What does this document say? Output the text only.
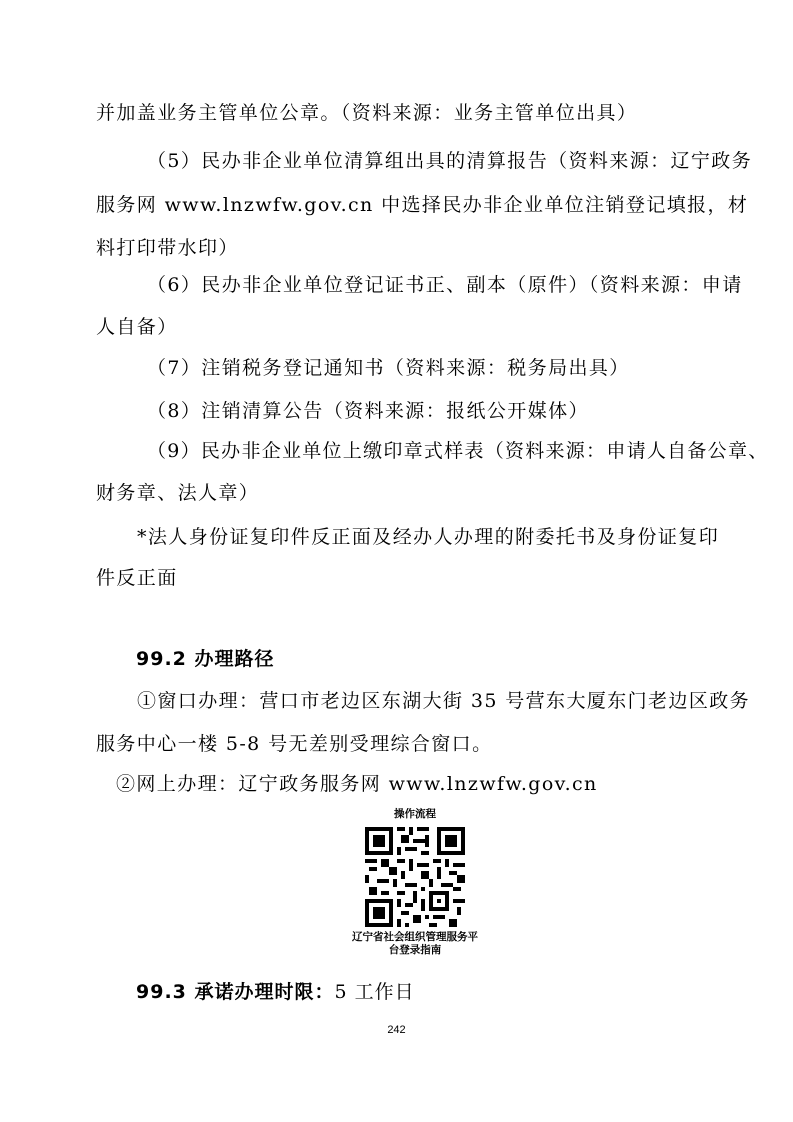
并加盖业务主管单位公章。（资料来源：业务主管单位出具）
（5）民办非企业单位清算组出具的清算报告（资料来源：辽宁政务
服务网 www.lnzwfw.gov.cn 中选择民办非企业单位注销登记填报，材
料打印带水印）
（6）民办非企业单位登记证书正、副本（原件）（资料来源：申请
人自备）
（7）注销税务登记通知书（资料来源：税务局出具）
（8）注销清算公告（资料来源：报纸公开媒体）
（9）民办非企业单位上缴印章式样表（资料来源：申请人自备公章、
财务章、法人章）
*法人身份证复印件反正面及经办人办理的附委托书及身份证复印
件反正面
99.2 办理路径
①窗口办理：营口市老边区东湖大街 35 号营东大厦东门老边区政务
服务中心一楼 5-8 号无差别受理综合窗口。
②网上办理：辽宁政务服务网 www.lnzwfw.gov.cn
操作流程
辽宁省社会组织管理服务平
台登录指南
99.3 承诺办理时限：5 工作日
242
